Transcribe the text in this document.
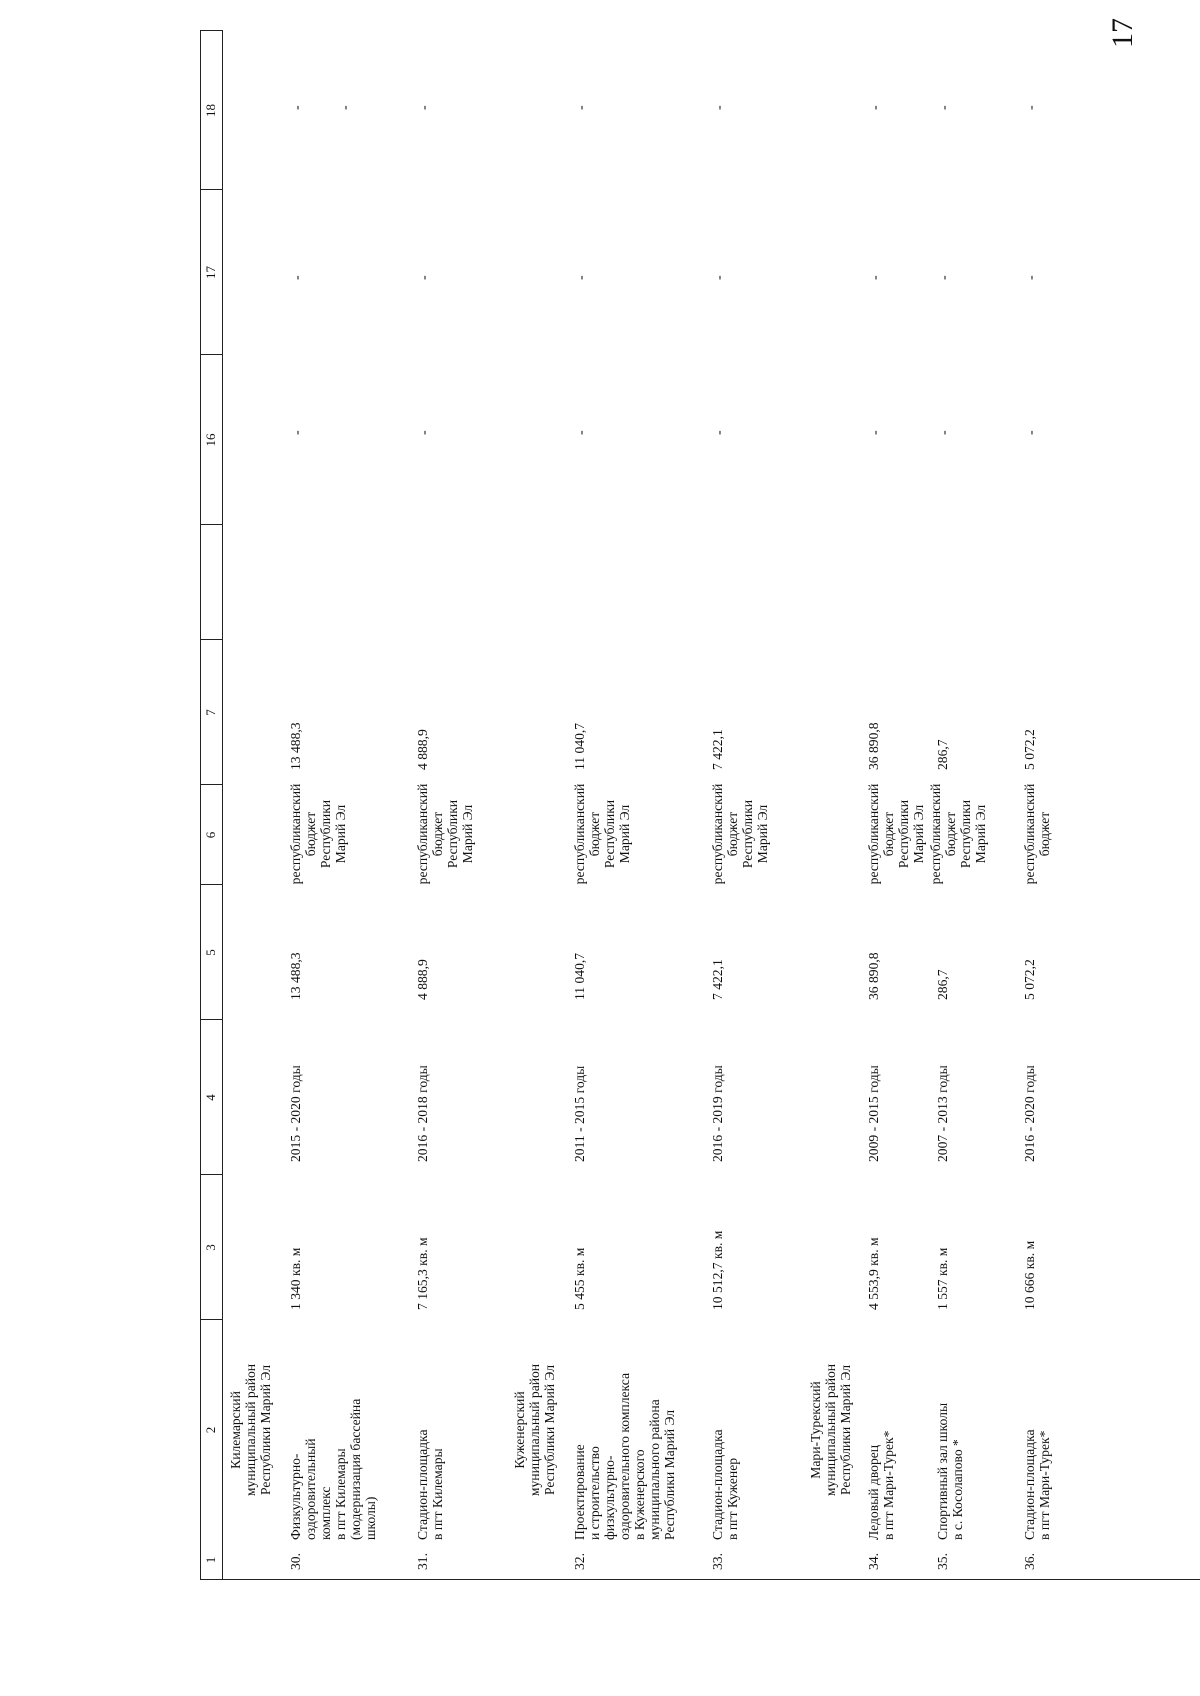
17
1
2
3
4
5
6
7
16
17
18
Килемарский
муниципальный район
Республики Марий Эл
Куженерский
муниципальный район
Республики Марий Эл
Мари-Турекский
муниципальный район
Республики Марий Эл
30.
Физкультурно-
оздоровительный
комплекс
в пгт Килемары
(модернизация бассейна
школы)
1 340 кв. м
2015 - 2020 годы
13 488,3
республиканский
бюджет
Республики
Марий Эл
13 488,3
-
-
- -
31.
Стадион-площадка
в пгт Килемары
7 165,3 кв. м
2016 - 2018 годы
4 888,9
республиканский
бюджет
Республики
Марий Эл
4 888,9
-
-
-
32.
Проектирование
и строительство
физкультурно-
оздоровительного комплекса
в Куженерского
муниципального района
Республики Марий Эл
5 455 кв. м
2011 - 2015 годы
11 040,7
республиканский
бюджет
Республики
Марий Эл
11 040,7
-
-
-
33.
Стадион-площадка
в пгт Куженер
10 512,7 кв. м
2016 - 2019 годы
7 422,1
республиканский
бюджет
Республики
Марий Эл
7 422,1
-
-
-
34.
Ледовый дворец
в пгт Мари-Турек*
4 553,9 кв. м
2009 - 2015 годы
36 890,8
республиканский
бюджет
Республики
Марий Эл
36 890,8
-
-
-
35.
Спортивный зал школы
в с. Косолапово *
1 557 кв. м
2007 - 2013 годы
286,7
республиканский
бюджет
Республики
Марий Эл
286,7
-
-
-
36.
Стадион-площадка
в пгт Мари-Турек*
10 666 кв. м
2016 - 2020 годы
5 072,2
республиканский
бюджет
5 072,2
-
-
-
